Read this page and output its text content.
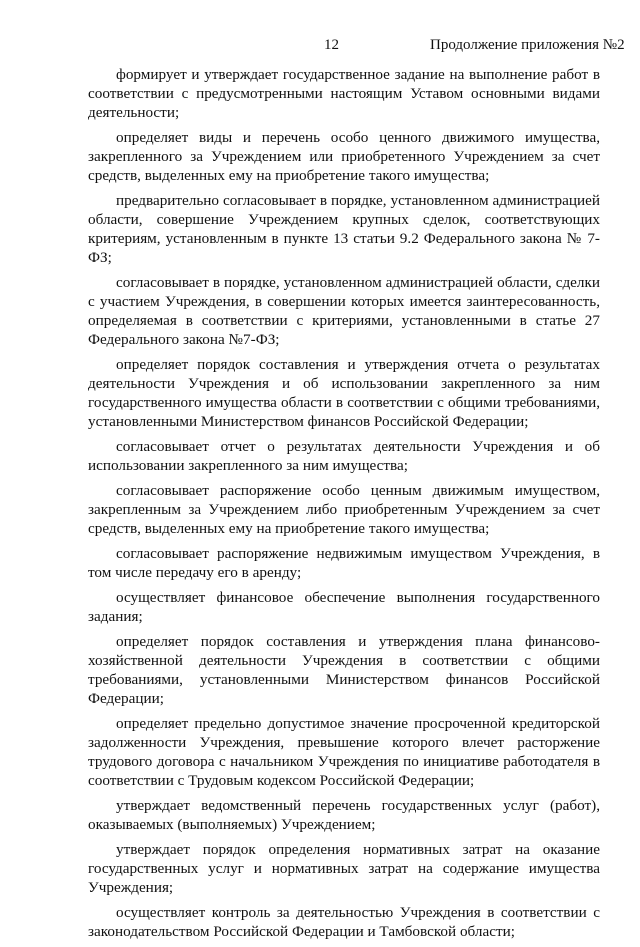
12	Продолжение приложения №2

формирует и утверждает государственное задание на выполнение работ в соответствии с предусмотренными настоящим Уставом основными видами деятельности;

определяет виды и перечень особо ценного движимого имущества, закрепленного за Учреждением или приобретенного Учреждением за счет средств, выделенных ему на приобретение такого имущества;

предварительно согласовывает в порядке, установленном администрацией области, совершение Учреждением крупных сделок, соответствующих критериям, установленным в пункте 13 статьи 9.2 Федерального закона № 7-ФЗ;

согласовывает в порядке, установленном администрацией области, сделки с участием Учреждения, в совершении которых имеется заинтересованность, определяемая в соответствии с критериями, установленными в статье 27 Федерального закона №7-ФЗ;

определяет порядок составления и утверждения отчета о результатах деятельности Учреждения и об использовании закрепленного за ним государственного имущества области в соответствии с общими требованиями, установленными Министерством финансов Российской Федерации;

согласовывает отчет о результатах деятельности Учреждения и об использовании закрепленного за ним имущества;

согласовывает распоряжение особо ценным движимым имуществом, закрепленным за Учреждением либо приобретенным Учреждением за счет средств, выделенных ему на приобретение такого имущества;

согласовывает распоряжение недвижимым имуществом Учреждения, в том числе передачу его в аренду;

осуществляет финансовое обеспечение выполнения государственного задания;

определяет порядок составления и утверждения плана финансово-хозяйственной деятельности Учреждения в соответствии с общими требованиями, установленными Министерством финансов Российской Федерации;

определяет предельно допустимое значение просроченной кредиторской задолженности Учреждения, превышение которого влечет расторжение трудового договора с начальником Учреждения по инициативе работодателя в соответствии с Трудовым кодексом Российской Федерации;

утверждает ведомственный перечень государственных услуг (работ), оказываемых (выполняемых) Учреждением;

утверждает порядок определения нормативных затрат на оказание государственных услуг и нормативных затрат на содержание имущества Учреждения;

осуществляет контроль за деятельностью Учреждения в соответствии с законодательством Российской Федерации и Тамбовской области;
